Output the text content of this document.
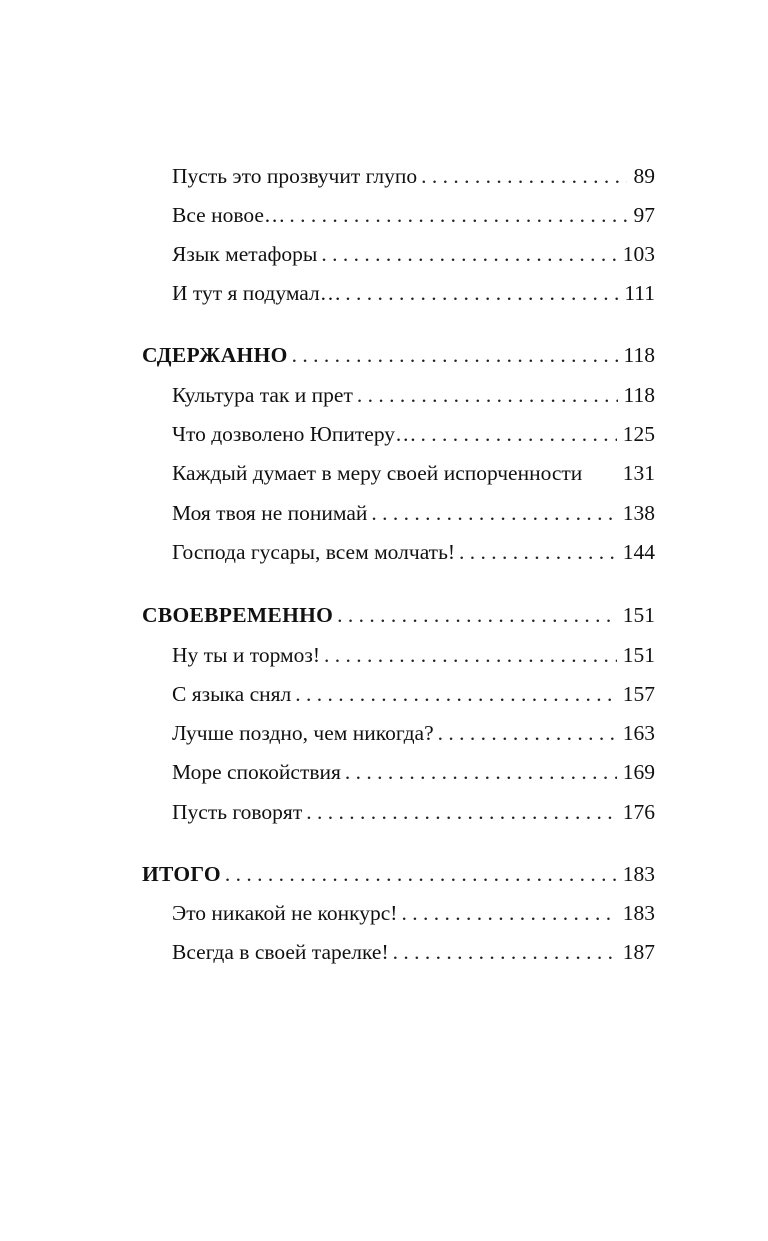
Пусть это прозвучит глупо . . .	89
Все новое… . . .	97
Язык метафоры . . .	103
И тут я подумал… . . .	111
СДЕРЖАННО . . .	118
Культура так и прет . . .	118
Что дозволено Юпитеру… . . .	125
Каждый думает в меру своей испорченности 131
Моя твоя не понимай . . .	138
Господа гусары, всем молчать! . . .	144
СВОЕВРЕМЕННО . . .	151
Ну ты и тормоз! . . .	151
С языка снял . . .	157
Лучше поздно, чем никогда? . . .	163
Море спокойствия . . .	169
Пусть говорят . . .	176
ИТОГО . . .	183
Это никакой не конкурс! . . .	183
Всегда в своей тарелке! . . .	187
